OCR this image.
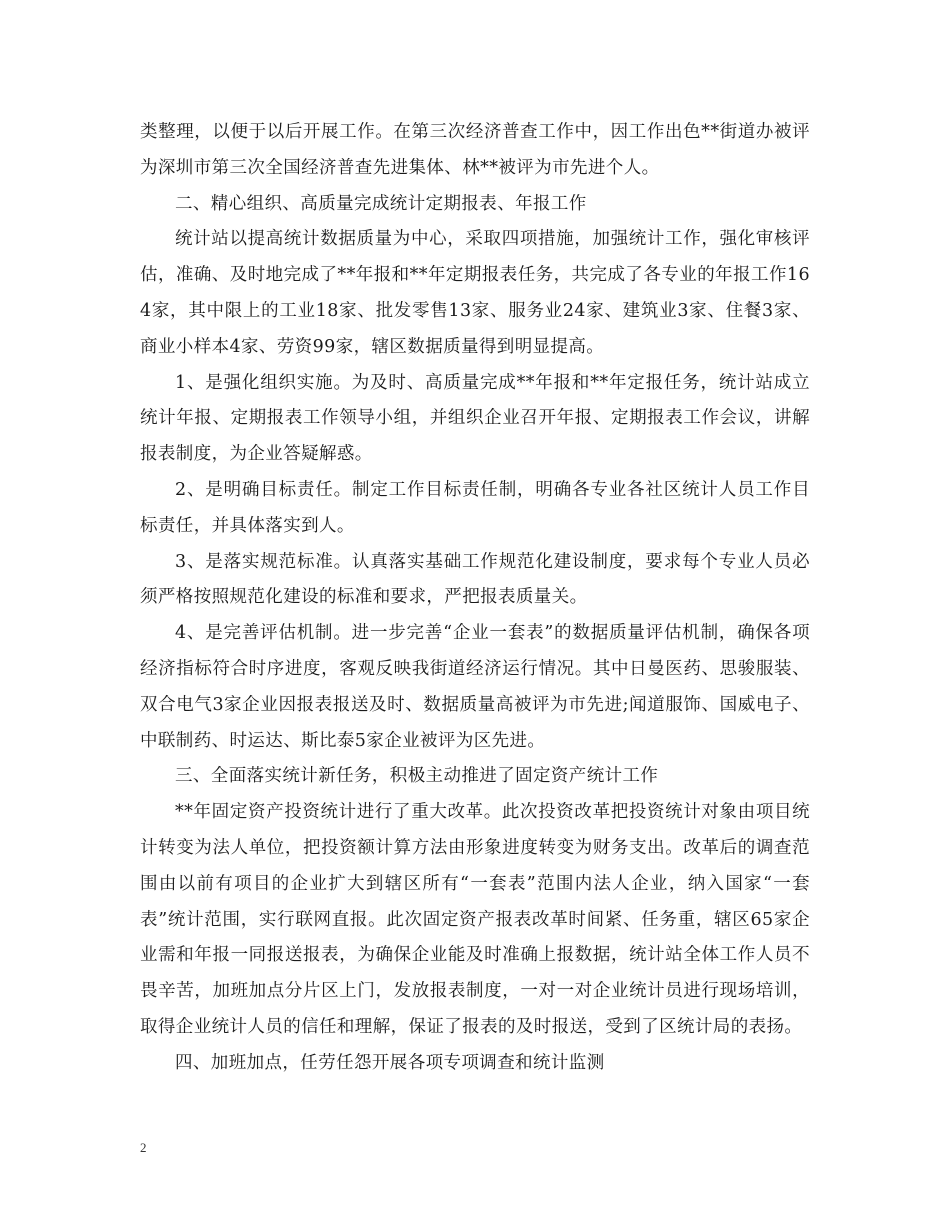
类整理，以便于以后开展工作。在第三次经济普查工作中，因工作出色**街道办被评为深圳市第三次全国经济普查先进集体、林**被评为市先进个人。

二、精心组织、高质量完成统计定期报表、年报工作

统计站以提高统计数据质量为中心，采取四项措施，加强统计工作，强化审核评估，准确、及时地完成了**年报和**年定期报表任务，共完成了各专业的年报工作164家，其中限上的工业18家、批发零售13家、服务业24家、建筑业3家、住餐3家、商业小样本4家、劳资99家，辖区数据质量得到明显提高。

1、是强化组织实施。为及时、高质量完成**年报和**年定报任务，统计站成立统计年报、定期报表工作领导小组，并组织企业召开年报、定期报表工作会议，讲解报表制度，为企业答疑解惑。

2、是明确目标责任。制定工作目标责任制，明确各专业各社区统计人员工作目标责任，并具体落实到人。

3、是落实规范标准。认真落实基础工作规范化建设制度，要求每个专业人员必须严格按照规范化建设的标准和要求，严把报表质量关。

4、是完善评估机制。进一步完善“企业一套表”的数据质量评估机制，确保各项经济指标符合时序进度，客观反映我街道经济运行情况。其中日曼医药、思骏服装、双合电气3家企业因报表报送及时、数据质量高被评为市先进;闻道服饰、国威电子、中联制药、时运达、斯比泰5家企业被评为区先进。

三、全面落实统计新任务，积极主动推进了固定资产统计工作

**年固定资产投资统计进行了重大改革。此次投资改革把投资统计对象由项目统计转变为法人单位，把投资额计算方法由形象进度转变为财务支出。改革后的调查范围由以前有项目的企业扩大到辖区所有“一套表”范围内法人企业，纳入国家“一套表”统计范围，实行联网直报。此次固定资产报表改革时间紧、任务重，辖区65家企业需和年报一同报送报表，为确保企业能及时准确上报数据，统计站全体工作人员不畏辛苦，加班加点分片区上门，发放报表制度，一对一对企业统计员进行现场培训，取得企业统计人员的信任和理解，保证了报表的及时报送，受到了区统计局的表扬。

四、加班加点，任劳任怨开展各项专项调查和统计监测

2
